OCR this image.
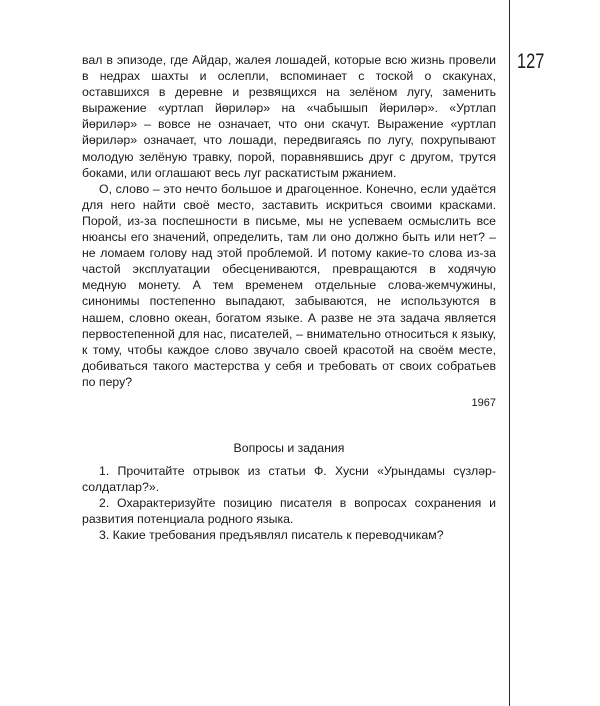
127

вал в эпизоде, где Айдар, жалея лошадей, которые всю жизнь провели в недрах шахты и ослепли, вспоминает с тоской о скакунах, оставшихся в деревне и резвящихся на зелёном лугу, заменить выражение «уртлап йөриләр» на «чабышып йөриләр». «Уртлап йөриләр» – вовсе не означает, что они скачут. Выражение «уртлап йөриләр» означает, что лошади, передвигаясь по лугу, похрупывают молодую зелёную травку, порой, поравнявшись друг с другом, трутся боками, или оглашают весь луг раскатистым ржанием.

О, слово – это нечто большое и драгоценное. Конечно, если удаётся для него найти своё место, заставить искриться своими красками. Порой, из-за поспешности в письме, мы не успеваем осмыслить все нюансы его значений, определить, там ли оно должно быть или нет? – не ломаем голову над этой проблемой. И потому какие-то слова из-за частой эксплуатации обесцениваются, превращаются в ходячую медную монету. А тем временем отдельные слова-жемчужины, синонимы постепенно выпадают, забываются, не используются в нашем, словно океан, богатом языке. А разве не эта задача является первостепенной для нас, писателей, – внимательно относиться к языку, к тому, чтобы каждое слово звучало своей красотой на своём месте, добиваться такого мастерства у себя и требовать от своих собратьев по перу?

1967
Вопросы и задания
1. Прочитайте отрывок из статьи Ф. Хусни «Урындамы сүзләр-солдатлар?».
2. Охарактеризуйте позицию писателя в вопросах сохранения и развития потенциала родного языка.
3. Какие требования предъявлял писатель к переводчикам?
